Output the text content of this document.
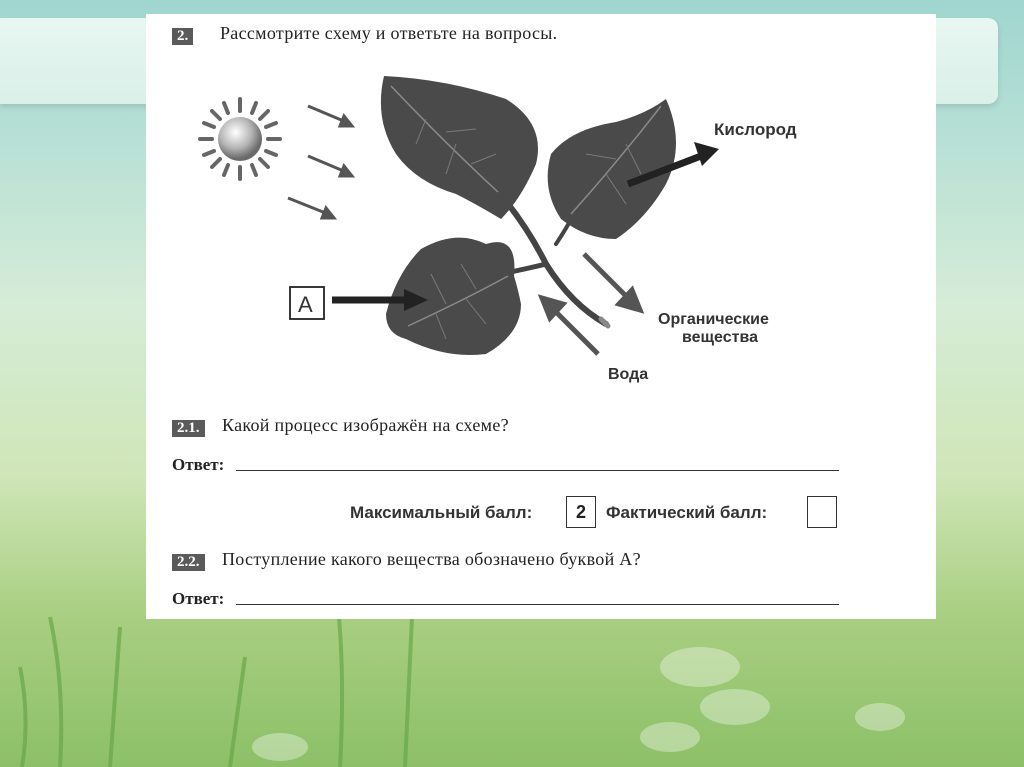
2. Рассмотрите схему и ответьте на вопросы.
Кислород
А
Органические
вещества
Вода
2.1. Какой процесс изображён на схеме?
Ответ:
Максимальный балл:	2	Фактический балл:
2.2. Поступление какого вещества обозначено буквой А?
Ответ:
